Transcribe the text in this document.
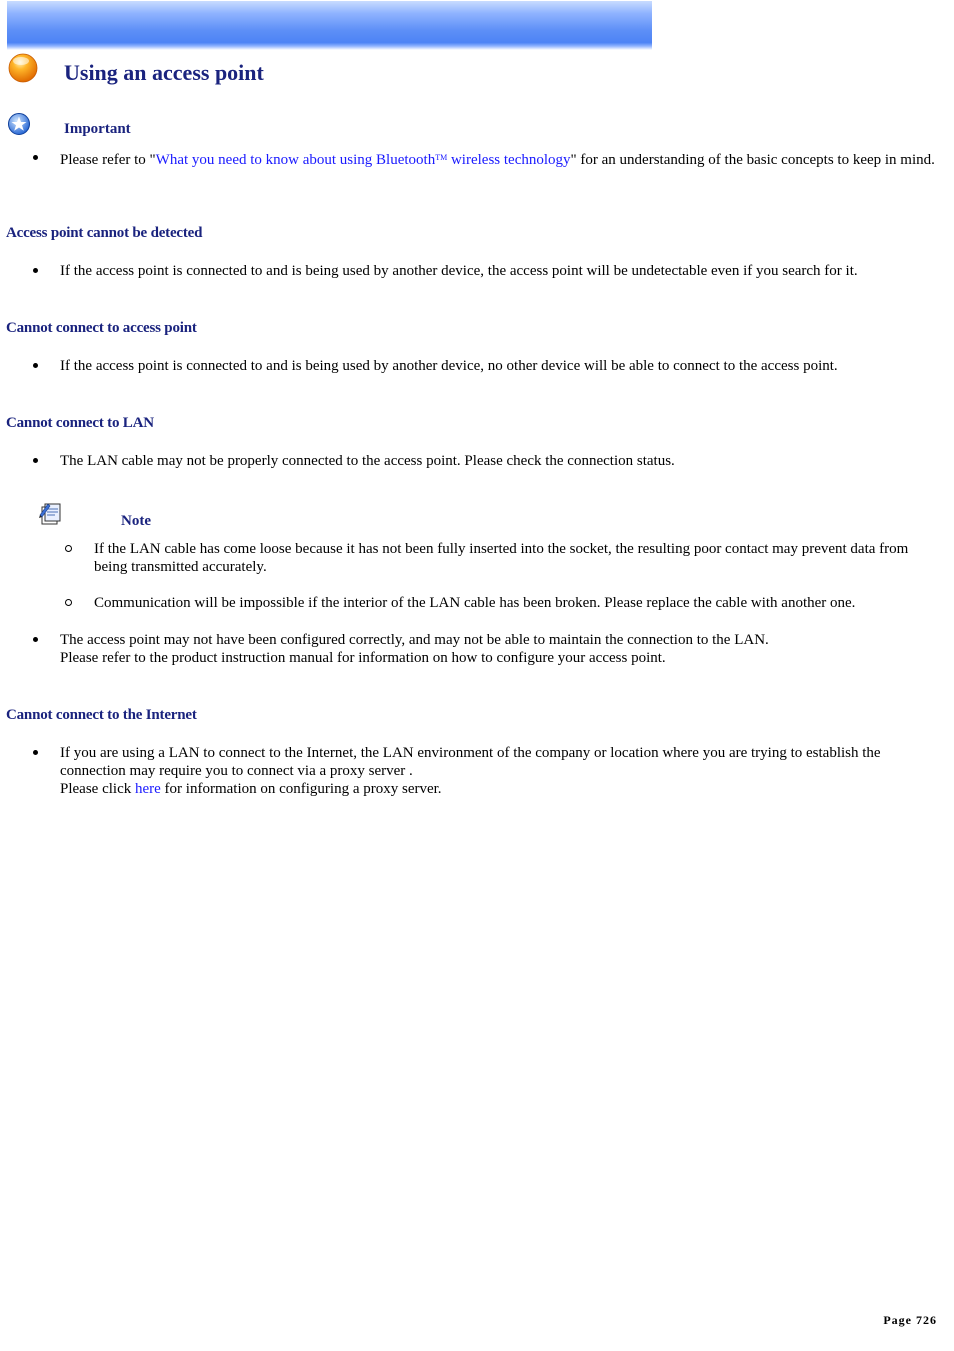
Using an access point
Important
Please refer to "What you need to know about using Bluetooth™ wireless technology" for an understanding of the basic concepts to keep in mind.
Access point cannot be detected
If the access point is connected to and is being used by another device, the access point will be undetectable even if you search for it.
Cannot connect to access point
If the access point is connected to and is being used by another device, no other device will be able to connect to the access point.
Cannot connect to LAN
The LAN cable may not be properly connected to the access point. Please check the connection status.
Note
If the LAN cable has come loose because it has not been fully inserted into the socket, the resulting poor contact may prevent data from being transmitted accurately.
Communication will be impossible if the interior of the LAN cable has been broken. Please replace the cable with another one.
The access point may not have been configured correctly, and may not be able to maintain the connection to the LAN.
Please refer to the product instruction manual for information on how to configure your access point.
Cannot connect to the Internet
If you are using a LAN to connect to the Internet, the LAN environment of the company or location where you are trying to establish the connection may require you to connect via a proxy server .
Please click here for information on configuring a proxy server.
Page 726
